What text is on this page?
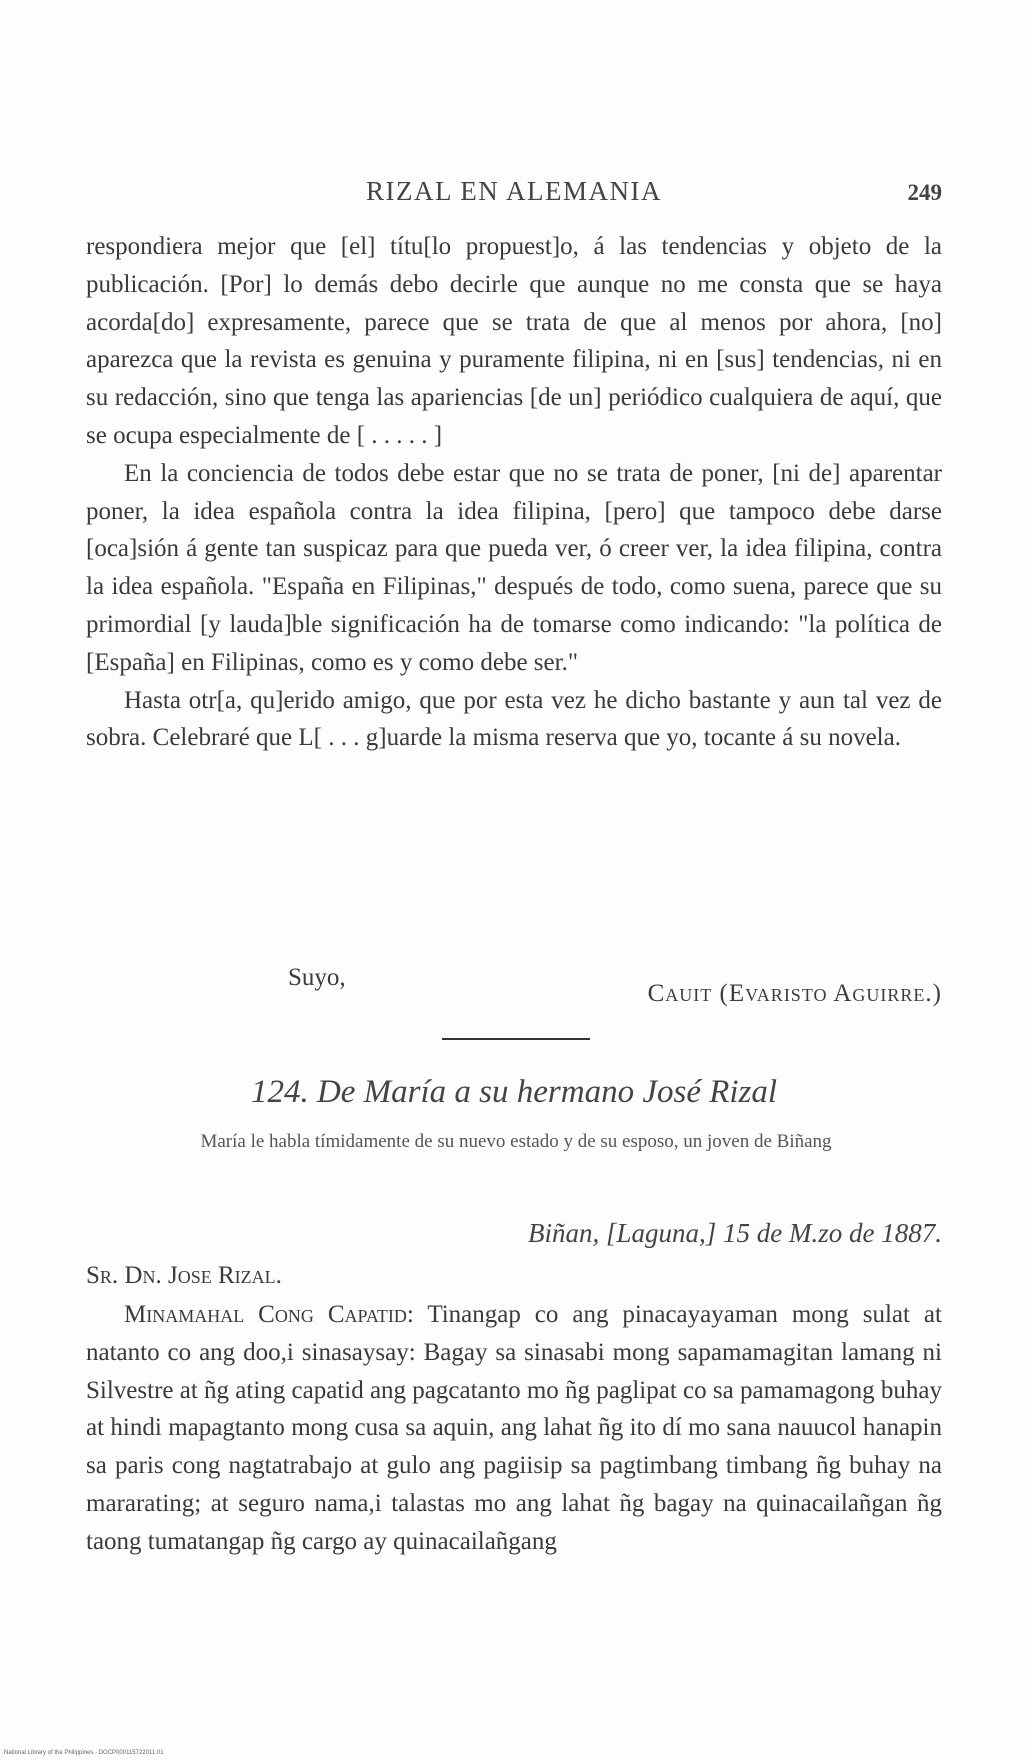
RIZAL EN ALEMANIA	249

respondiera mejor que [el] títu[lo propuest]o, á las tendencias y objeto de la publicación. [Por] lo demás debo decirle que aunque no me consta que se haya acorda[do] expresamente, parece que se trata de que al menos por ahora, [no] aparezca que la revista es genuina y puramente filipina, ni en [sus] tendencias, ni en su redacción, sino que tenga las apariencias [de un] periódico cualquiera de aquí, que se ocupa especialmente de [ . . . . . ]

En la conciencia de todos debe estar que no se trata de poner, [ni de] aparentar poner, la idea española contra la idea filipina, [pero] que tampoco debe darse [oca]sión á gente tan suspicaz para que pueda ver, ó creer ver, la idea filipina, contra la idea española. "España en Filipinas," después de todo, como suena, parece que su primordial [y lauda]ble significación ha de tomarse como indicando: "la política de [España] en Filipinas, como es y como debe ser."

Hasta otr[a, qu]erido amigo, que por esta vez he dicho bastante y aun tal vez de sobra. Celebraré que L[ . . . g]uarde la misma reserva que yo, tocante á su novela.

Suyo,
Cauit (Evaristo Aguirre.)
124. De María a su hermano José Rizal
María le habla tímidamente de su nuevo estado y de su esposo, un joven de Biñang
Biñan, [Laguna,] 15 de M.zo de 1887.
Sr. Dn. Jose Rizal.

Minamahal Cong Capatid: Tinangap co ang pinacayayaman mong sulat at natanto co ang doo,i sinasaysay: Bagay sa sinasabi mong sapamamagitan lamang ni Silvestre at ñg ating capatid ang pagcatanto mo ñg paglipat co sa pamamagong buhay at hindi mapagtanto mong cusa sa aquin, ang lahat ñg ito dí mo sana nauucol hanapin sa paris cong nagtatrabajo at gulo ang pagiisip sa pagtimbang timbang ñg buhay na mararating; at seguro nama,i talastas mo ang lahat ñg bagay na quinacailañgan ñg taong tumatangap ñg cargo ay quinacailañgang

National Library of the Philippines · DOCP000115722011.01
